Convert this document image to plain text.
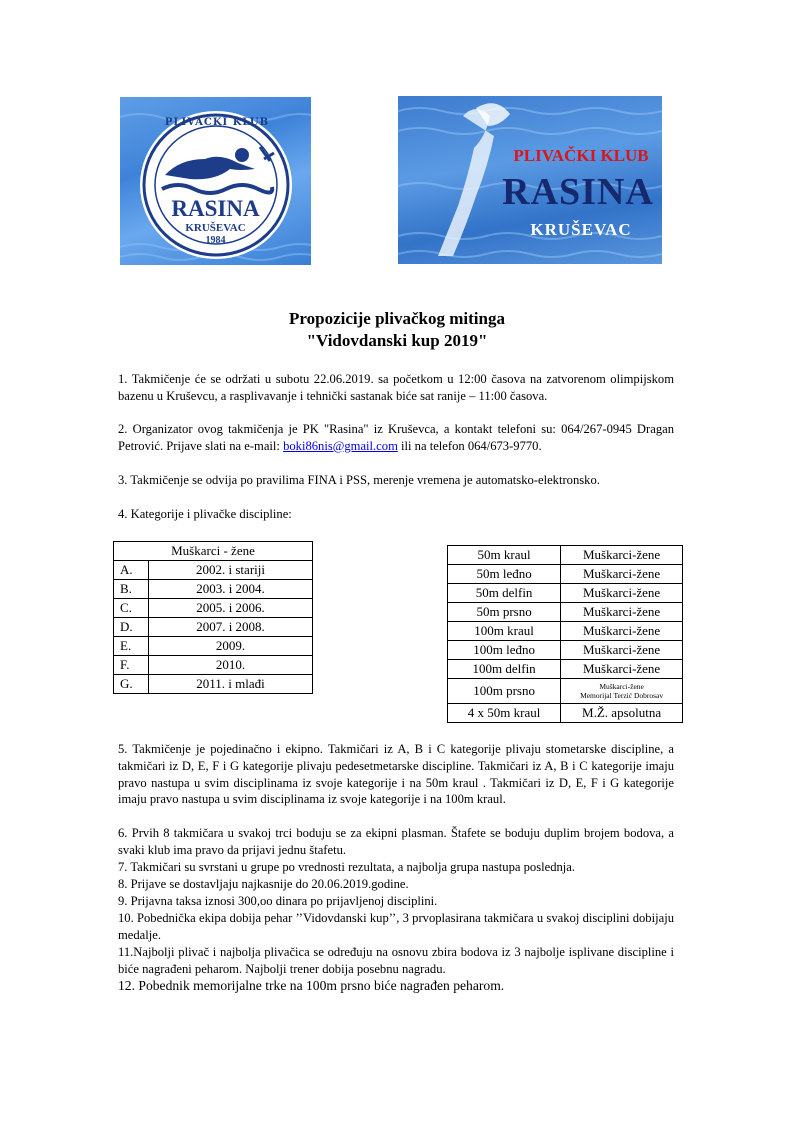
PLIVAČKI KLUB
RASINA
KRUŠEVAC
1984
PLIVAČKI KLUB
RASINA
KRUŠEVAC
Propozicije plivačkog mitinga
"Vidovdanski kup 2019"
1. Takmičenje će se održati u subotu 22.06.2019. sa početkom u 12:00 časova na zatvorenom olimpijskom bazenu u Kruševcu, a rasplivavanje i tehnički sastanak biće sat ranije – 11:00 časova.
2. Organizator ovog takmičenja je PK "Rasina" iz Kruševca, a kontakt telefoni su: 064/267-0945 Dragan Petrović. Prijave slati na e-mail: boki86nis@gmail.com ili na telefon 064/673-9770.
3. Takmičenje se odvija po pravilima FINA i PSS, merenje vremena je automatsko-elektronsko.
4. Kategorije i plivačke discipline:
Muškarci - žene	
A.	2002. i stariji
B.	2003. i 2004.
C.	2005. i 2006.
D.	2007. i 2008.
E.	2009.
F.	2010.
G.	2011. i mlađi
50m kraul	Muškarci-žene
50m leđno	Muškarci-žene
50m delfin	Muškarci-žene
50m prsno	Muškarci-žene
100m kraul	Muškarci-žene
100m leđno	Muškarci-žene
100m delfin	Muškarci-žene
100m prsno	Muškarci-žene
Memorijal Terzić Dobrosav

4 x 50m kraul	M.Ž. apsolutna
5. Takmičenje je pojedinačno i ekipno. Takmičari iz A, B i C kategorije plivaju stometarske discipline, a takmičari iz D, E, F i G kategorije plivaju pedesetmetarske discipline. Takmičari iz A, B i C kategorije imaju pravo nastupa u svim disciplinama iz svoje kategorije i na 50m kraul . Takmičari iz D, E, F i G kategorije imaju pravo nastupa u svim disciplinama iz svoje kategorije i na 100m kraul.
6. Prvih 8 takmičara u svakoj trci boduju se za ekipni plasman. Štafete se boduju duplim brojem bodova, a svaki klub ima pravo da prijavi jednu štafetu.
7. Takmičari su svrstani u grupe po vrednosti rezultata, a najbolja grupa nastupa poslednja.
8. Prijave se dostavljaju najkasnije do 20.06.2019.godine.
9. Prijavna taksa iznosi 300,oo dinara po prijavljenoj disciplini.
10. Pobednička ekipa dobija pehar ’’Vidovdanski kup’’, 3 prvoplasirana takmičara u svakoj disciplini dobijaju medalje.
11.Najbolji plivač i najbolja plivačica se određuju na osnovu zbira bodova iz 3 najbolje isplivane discipline i biće nagrađeni peharom. Najbolji trener dobija posebnu nagradu.
12. Pobednik memorijalne trke na 100m prsno biće nagrađen peharom.
